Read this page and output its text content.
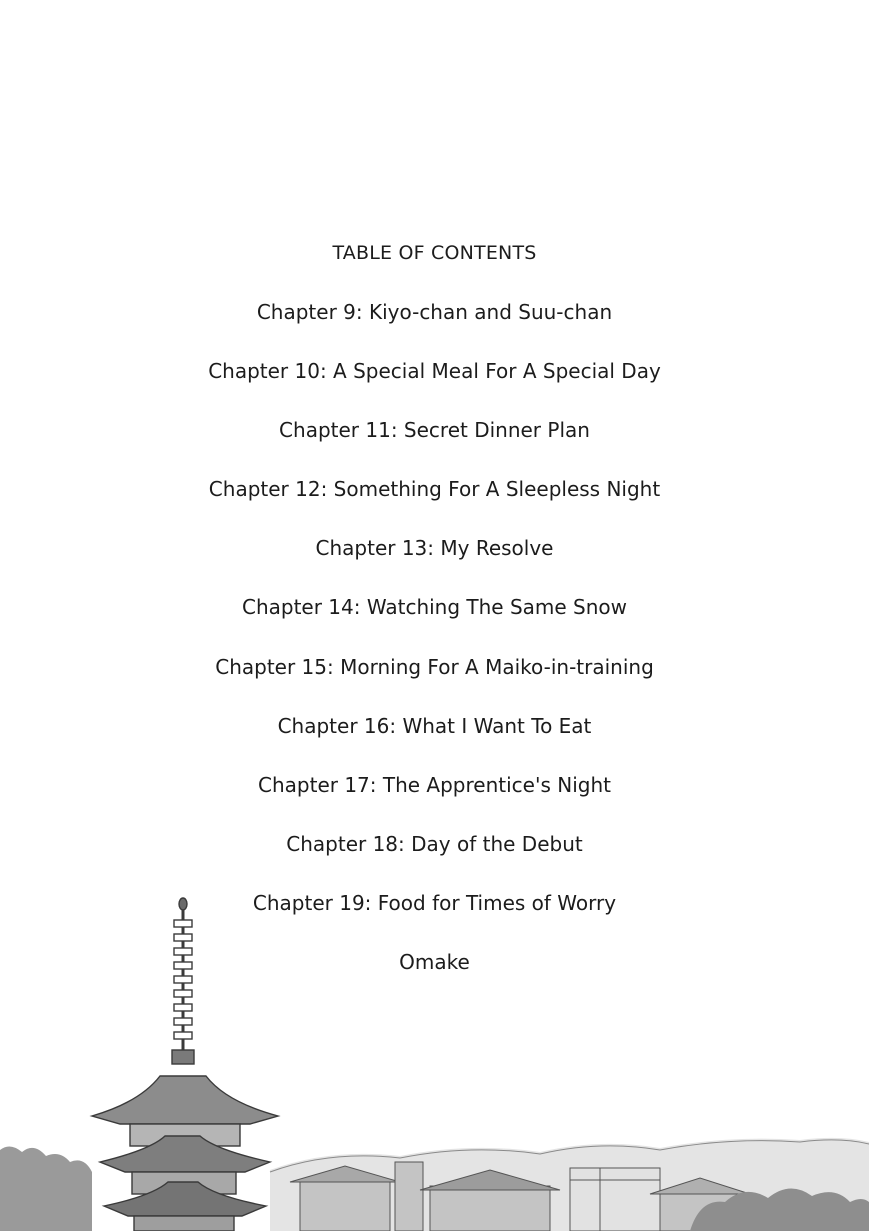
TABLE OF CONTENTS
Chapter 9: Kiyo-chan and Suu-chan
Chapter 10: A Special Meal For A Special Day
Chapter 11: Secret Dinner Plan
Chapter 12: Something For A Sleepless Night
Chapter 13: My Resolve
Chapter 14: Watching The Same Snow
Chapter 15: Morning For A Maiko-in-training
Chapter 16: What I Want To Eat
Chapter 17: The Apprentice's Night
Chapter 18: Day of the Debut
Chapter 19: Food for Times of Worry
Omake
